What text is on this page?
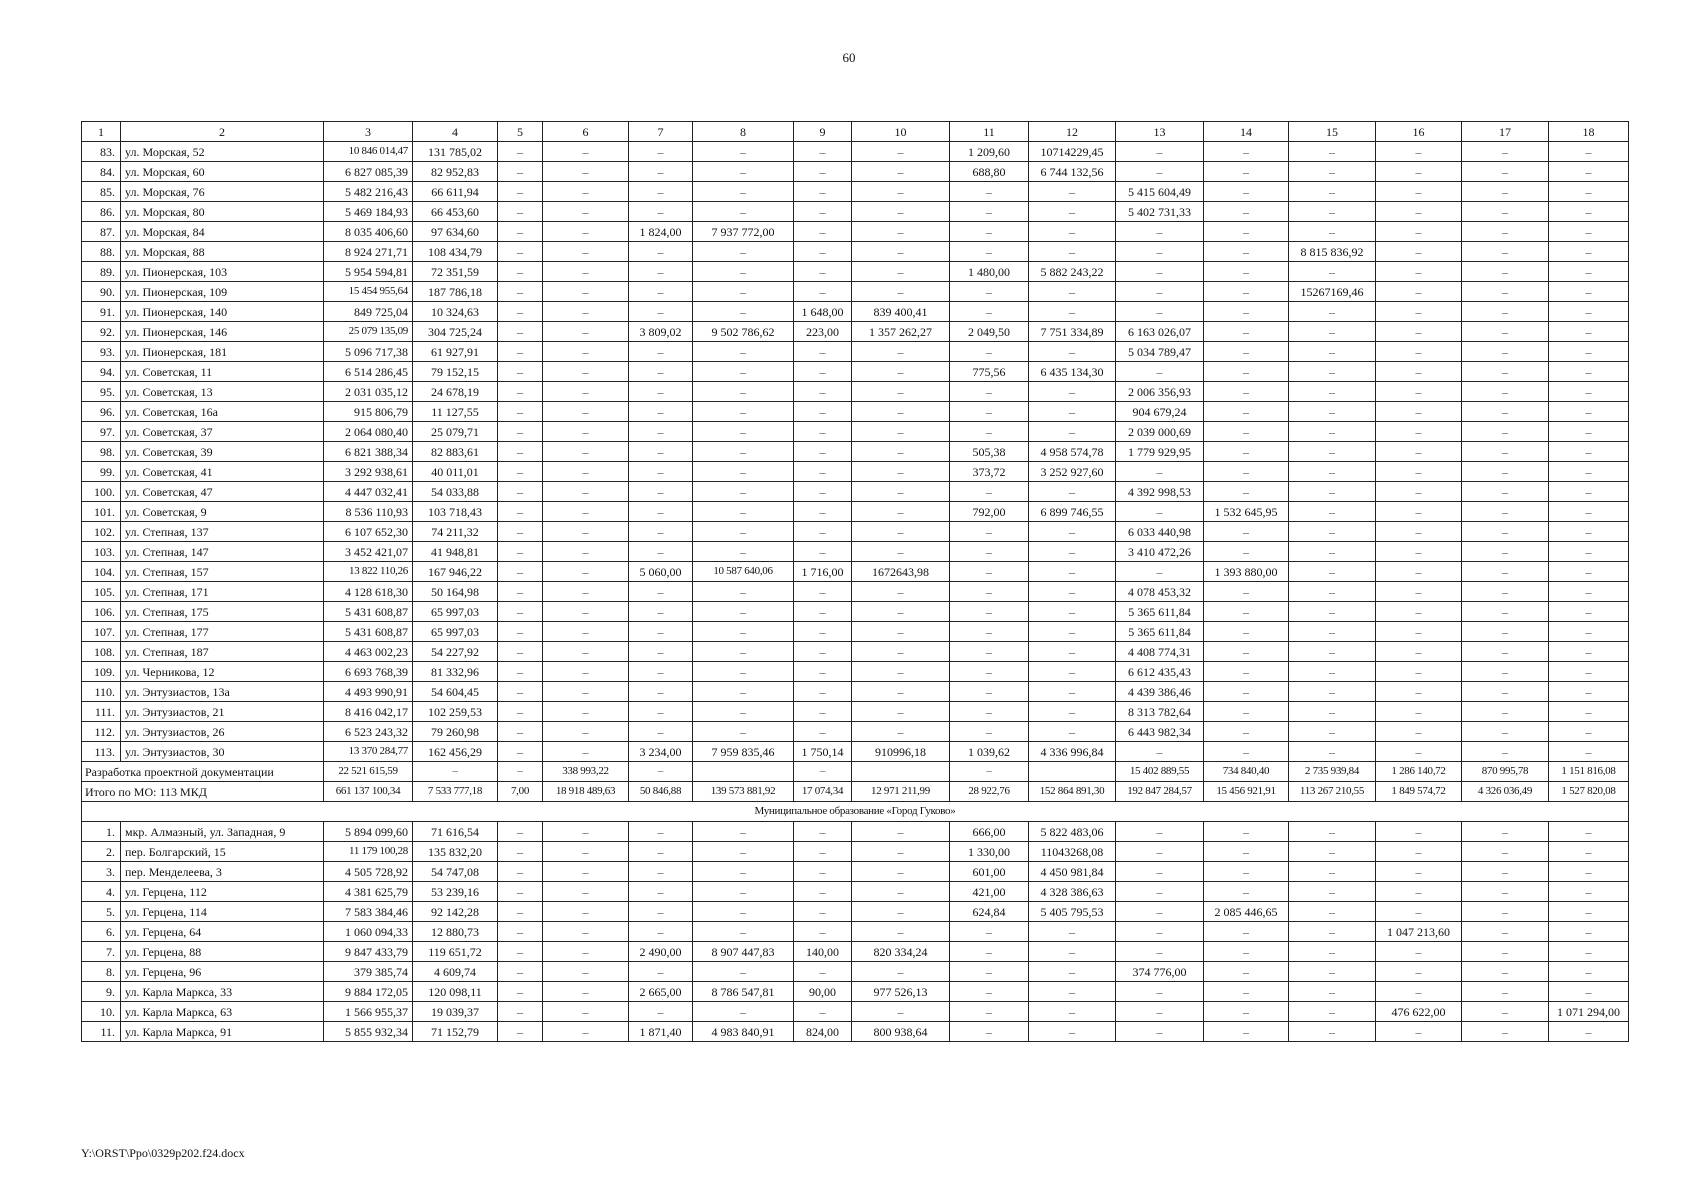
60
1	2	3	4	5	6	7	8	9	10	11	12	13	14	15	16	17	18
83.	ул. Морская, 52	10 846 014,47	131 785,02	–	–	–	–	–	–	1 209,60	10714229,45	–	–	–	–	–	–
84.	ул. Морская, 60	6 827 085,39	82 952,83	–	–	–	–	–	–	688,80	6 744 132,56	–	–	–	–	–	–
85.	ул. Морская, 76	5 482 216,43	66 611,94	–	–	–	–	–	–	–	–	5 415 604,49	–	–	–	–	–
86.	ул. Морская, 80	5 469 184,93	66 453,60	–	–	–	–	–	–	–	–	5 402 731,33	–	–	–	–	–
87.	ул. Морская, 84	8 035 406,60	97 634,60	–	–	1 824,00	7 937 772,00	–	–	–	–	–	–	–	–	–	–
88.	ул. Морская, 88	8 924 271,71	108 434,79	–	–	–	–	–	–	–	–	–	–	8 815 836,92	–	–	–
89.	ул. Пионерская, 103	5 954 594,81	72 351,59	–	–	–	–	–	–	1 480,00	5 882 243,22	–	–	–	–	–	–
90.	ул. Пионерская, 109	15 454 955,64	187 786,18	–	–	–	–	–	–	–	–	–	–	15267169,46	–	–	–
91.	ул. Пионерская, 140	849 725,04	10 324,63	–	–	–	–	1 648,00	839 400,41	–	–	–	–	–	–	–	–
92.	ул. Пионерская, 146	25 079 135,09	304 725,24	–	–	3 809,02	9 502 786,62	223,00	1 357 262,27	2 049,50	7 751 334,89	6 163 026,07	–	–	–	–	–
93.	ул. Пионерская, 181	5 096 717,38	61 927,91	–	–	–	–	–	–	–	–	5 034 789,47	–	–	–	–	–
94.	ул. Советская, 11	6 514 286,45	79 152,15	–	–	–	–	–	–	775,56	6 435 134,30	–	–	–	–	–	–
95.	ул. Советская, 13	2 031 035,12	24 678,19	–	–	–	–	–	–	–	–	2 006 356,93	–	–	–	–	–
96.	ул. Советская, 16а	915 806,79	11 127,55	–	–	–	–	–	–	–	–	904 679,24	–	–	–	–	–
97.	ул. Советская, 37	2 064 080,40	25 079,71	–	–	–	–	–	–	–	–	2 039 000,69	–	–	–	–	–
98.	ул. Советская, 39	6 821 388,34	82 883,61	–	–	–	–	–	–	505,38	4 958 574,78	1 779 929,95	–	–	–	–	–
99.	ул. Советская, 41	3 292 938,61	40 011,01	–	–	–	–	–	–	373,72	3 252 927,60	–	–	–	–	–	–
100.	ул. Советская, 47	4 447 032,41	54 033,88	–	–	–	–	–	–	–	–	4 392 998,53	–	–	–	–	–
101.	ул. Советская, 9	8 536 110,93	103 718,43	–	–	–	–	–	–	792,00	6 899 746,55	–	1 532 645,95	–	–	–	–
102.	ул. Степная, 137	6 107 652,30	74 211,32	–	–	–	–	–	–	–	–	6 033 440,98	–	–	–	–	–
103.	ул. Степная, 147	3 452 421,07	41 948,81	–	–	–	–	–	–	–	–	3 410 472,26	–	–	–	–	–
104.	ул. Степная, 157	13 822 110,26	167 946,22	–	–	5 060,00	10 587 640,06	1 716,00	1672643,98	–	–	–	1 393 880,00	–	–	–	–
105.	ул. Степная, 171	4 128 618,30	50 164,98	–	–	–	–	–	–	–	–	4 078 453,32	–	–	–	–	–
106.	ул. Степная, 175	5 431 608,87	65 997,03	–	–	–	–	–	–	–	–	5 365 611,84	–	–	–	–	–
107.	ул. Степная, 177	5 431 608,87	65 997,03	–	–	–	–	–	–	–	–	5 365 611,84	–	–	–	–	–
108.	ул. Степная, 187	4 463 002,23	54 227,92	–	–	–	–	–	–	–	–	4 408 774,31	–	–	–	–	–
109.	ул. Черникова, 12	6 693 768,39	81 332,96	–	–	–	–	–	–	–	–	6 612 435,43	–	–	–	–	–
110.	ул. Энтузиастов, 13а	4 493 990,91	54 604,45	–	–	–	–	–	–	–	–	4 439 386,46	–	–	–	–	–
111.	ул. Энтузиастов, 21	8 416 042,17	102 259,53	–	–	–	–	–	–	–	–	8 313 782,64	–	–	–	–	–
112.	ул. Энтузиастов, 26	6 523 243,32	79 260,98	–	–	–	–	–	–	–	–	6 443 982,34	–	–	–	–	–
113.	ул. Энтузиастов, 30	13 370 284,77	162 456,29	–	–	3 234,00	7 959 835,46	1 750,14	910996,18	1 039,62	4 336 996,84	–	–	–	–	–	–
Разработка проектной документации		22 521 615,59	–	–	338 993,22	–		–		–		15 402 889,55	734 840,40	2 735 939,84	1 286 140,72	870 995,78	1 151 816,08
Итого по МО: 113 МКД		661 137 100,34	7 533 777,18	7,00	18 918 489,63	50 846,88	139 573 881,92	17 074,34	12 971 211,99	28 922,76	152 864 891,30	192 847 284,57	15 456 921,91	113 267 210,55	1 849 574,72	4 326 036,49	1 527 820,08
Муниципальное образование «Город Гуково»																	
1.	мкр. Алмазный, ул. Западная, 9	5 894 099,60	71 616,54	–	–	–	–	–	–	666,00	5 822 483,06	–	–	–	–	–	–
2.	пер. Болгарский, 15	11 179 100,28	135 832,20	–	–	–	–	–	–	1 330,00	11043268,08	–	–	–	–	–	–
3.	пер. Менделеева, 3	4 505 728,92	54 747,08	–	–	–	–	–	–	601,00	4 450 981,84	–	–	–	–	–	–
4.	ул. Герцена, 112	4 381 625,79	53 239,16	–	–	–	–	–	–	421,00	4 328 386,63	–	–	–	–	–	–
5.	ул. Герцена, 114	7 583 384,46	92 142,28	–	–	–	–	–	–	624,84	5 405 795,53	–	2 085 446,65	–	–	–	–
6.	ул. Герцена, 64	1 060 094,33	12 880,73	–	–	–	–	–	–	–	–	–	–	–	1 047 213,60	–	–
7.	ул. Герцена, 88	9 847 433,79	119 651,72	–	–	2 490,00	8 907 447,83	140,00	820 334,24	–	–	–	–	–	–	–	–
8.	ул. Герцена, 96	379 385,74	4 609,74	–	–	–	–	–	–	–	–	374 776,00	–	–	–	–	–
9.	ул. Карла Маркса, 33	9 884 172,05	120 098,11	–	–	2 665,00	8 786 547,81	90,00	977 526,13	–	–	–	–	–	–	–	–
10.	ул. Карла Маркса, 63	1 566 955,37	19 039,37	–	–	–	–	–	–	–	–	–	–	–	476 622,00	–	1 071 294,00
11.	ул. Карла Маркса, 91	5 855 932,34	71 152,79	–	–	1 871,40	4 983 840,91	824,00	800 938,64	–	–	–	–	–	–	–	–
Y:\ORST\Ppo\0329p202.f24.docx
